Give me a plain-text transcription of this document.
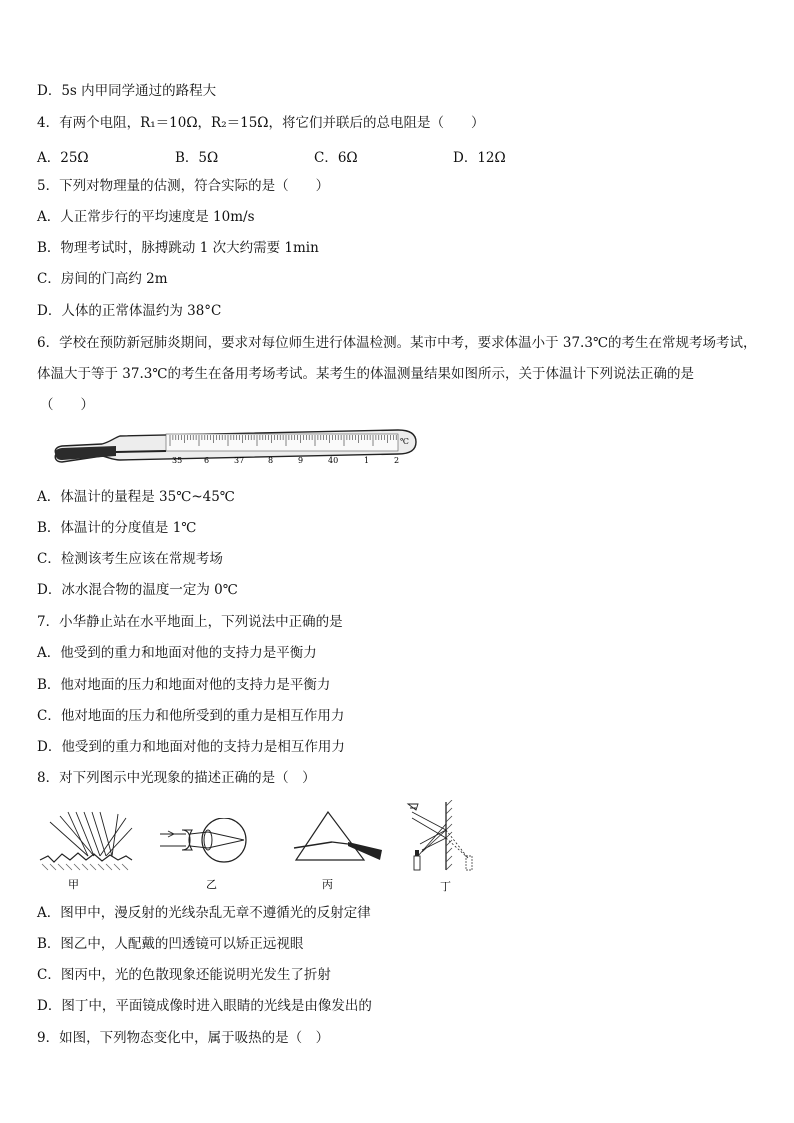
D．5s 内甲同学通过的路程大
4．有两个电阻，R₁＝10Ω，R₂＝15Ω，将它们并联后的总电阻是（　　）
A．25Ω	B．5Ω	C．6Ω	D．12Ω
5．下列对物理量的估测，符合实际的是（　　）
A．人正常步行的平均速度是 10m/s
B．物理考试时，脉搏跳动 1 次大约需要 1min
C．房间的门高约 2m
D．人体的正常体温约为 38°C
6．学校在预防新冠肺炎期间，要求对每位师生进行体温检测。某市中考，要求体温小于 37.3℃的考生在常规考场考试，
体温大于等于 37.3℃的考生在备用考场考试。某考生的体温测量结果如图所示，关于体温计下列说法正确的是
（　　）
35	6	37	8	9	40	1	2
℃
A．体温计的量程是 35℃~45℃
B．体温计的分度值是 1℃
C．检测该考生应该在常规考场
D．冰水混合物的温度一定为 0℃
7．小华静止站在水平地面上，下列说法中正确的是
A．他受到的重力和地面对他的支持力是平衡力
B．他对地面的压力和地面对他的支持力是平衡力
C．他对地面的压力和他所受到的重力是相互作用力
D．他受到的重力和地面对他的支持力是相互作用力
8．对下列图示中光现象的描述正确的是（　）
甲	乙	丙	丁
A．图甲中，漫反射的光线杂乱无章不遵循光的反射定律
B．图乙中，人配戴的凹透镜可以矫正远视眼
C．图丙中，光的色散现象还能说明光发生了折射
D．图丁中，平面镜成像时进入眼睛的光线是由像发出的
9．如图，下列物态变化中，属于吸热的是（　）
